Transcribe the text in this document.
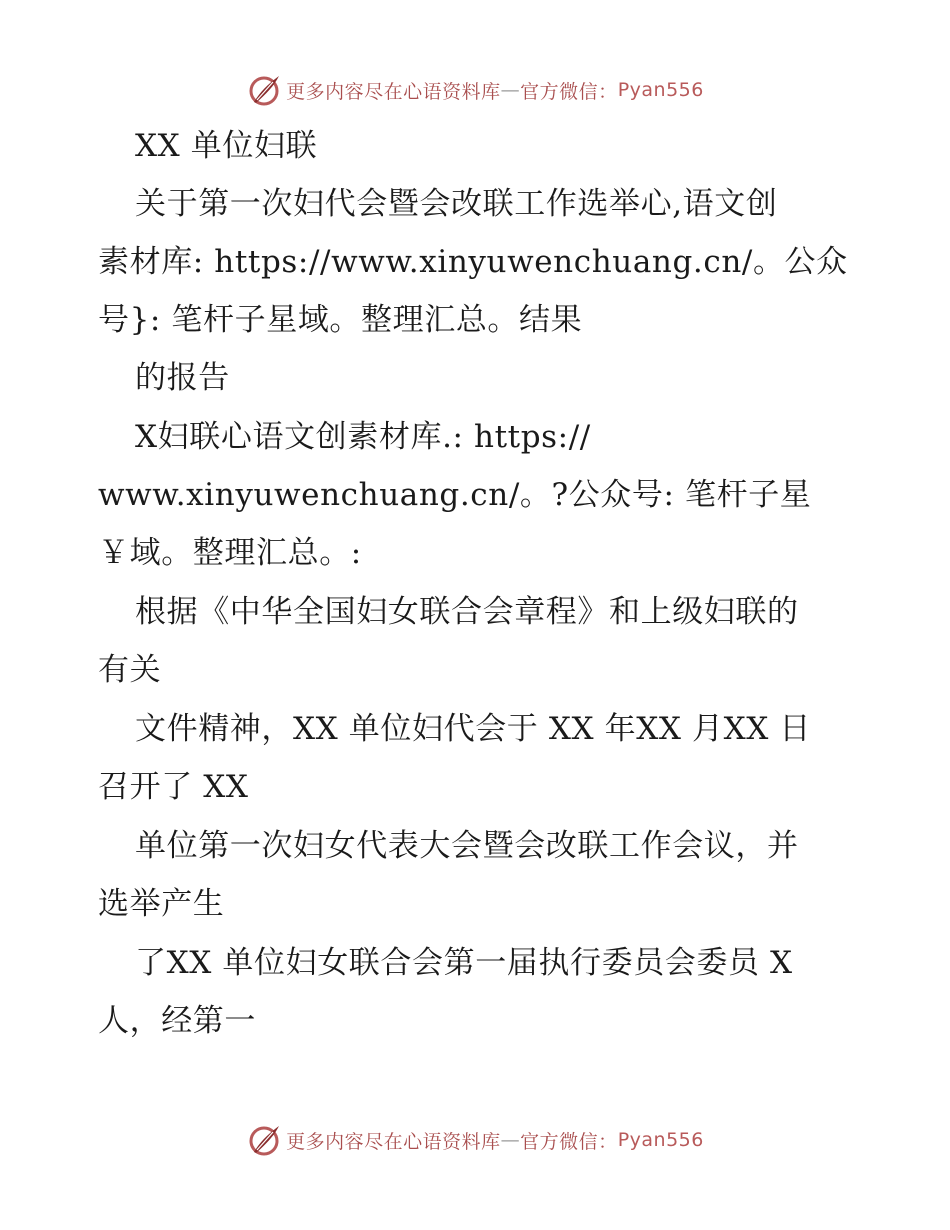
更多内容尽在心语资料库 — 官方微信： Pyan556
XX 单位妇联
关于第一次妇代会暨会改联工作选举心,语文创
素材库: https://www.xinyuwenchuang.cn/。公众
号}: 笔杆子星域。整理汇总。结果
的报告
X妇联心语文创素材库.: https://
www.xinyuwenchuang.cn/。?公众号: 笔杆子星
￥域。整理汇总。:
根据《中华全国妇女联合会章程》和上级妇联的
有关
文件精神，XX 单位妇代会于 XX 年XX 月XX 日
召开了 XX
单位第一次妇女代表大会暨会改联工作会议，并
选举产生
了XX 单位妇女联合会第一届执行委员会委员 X
人，经第一
更多内容尽在心语资料库 — 官方微信： Pyan556
